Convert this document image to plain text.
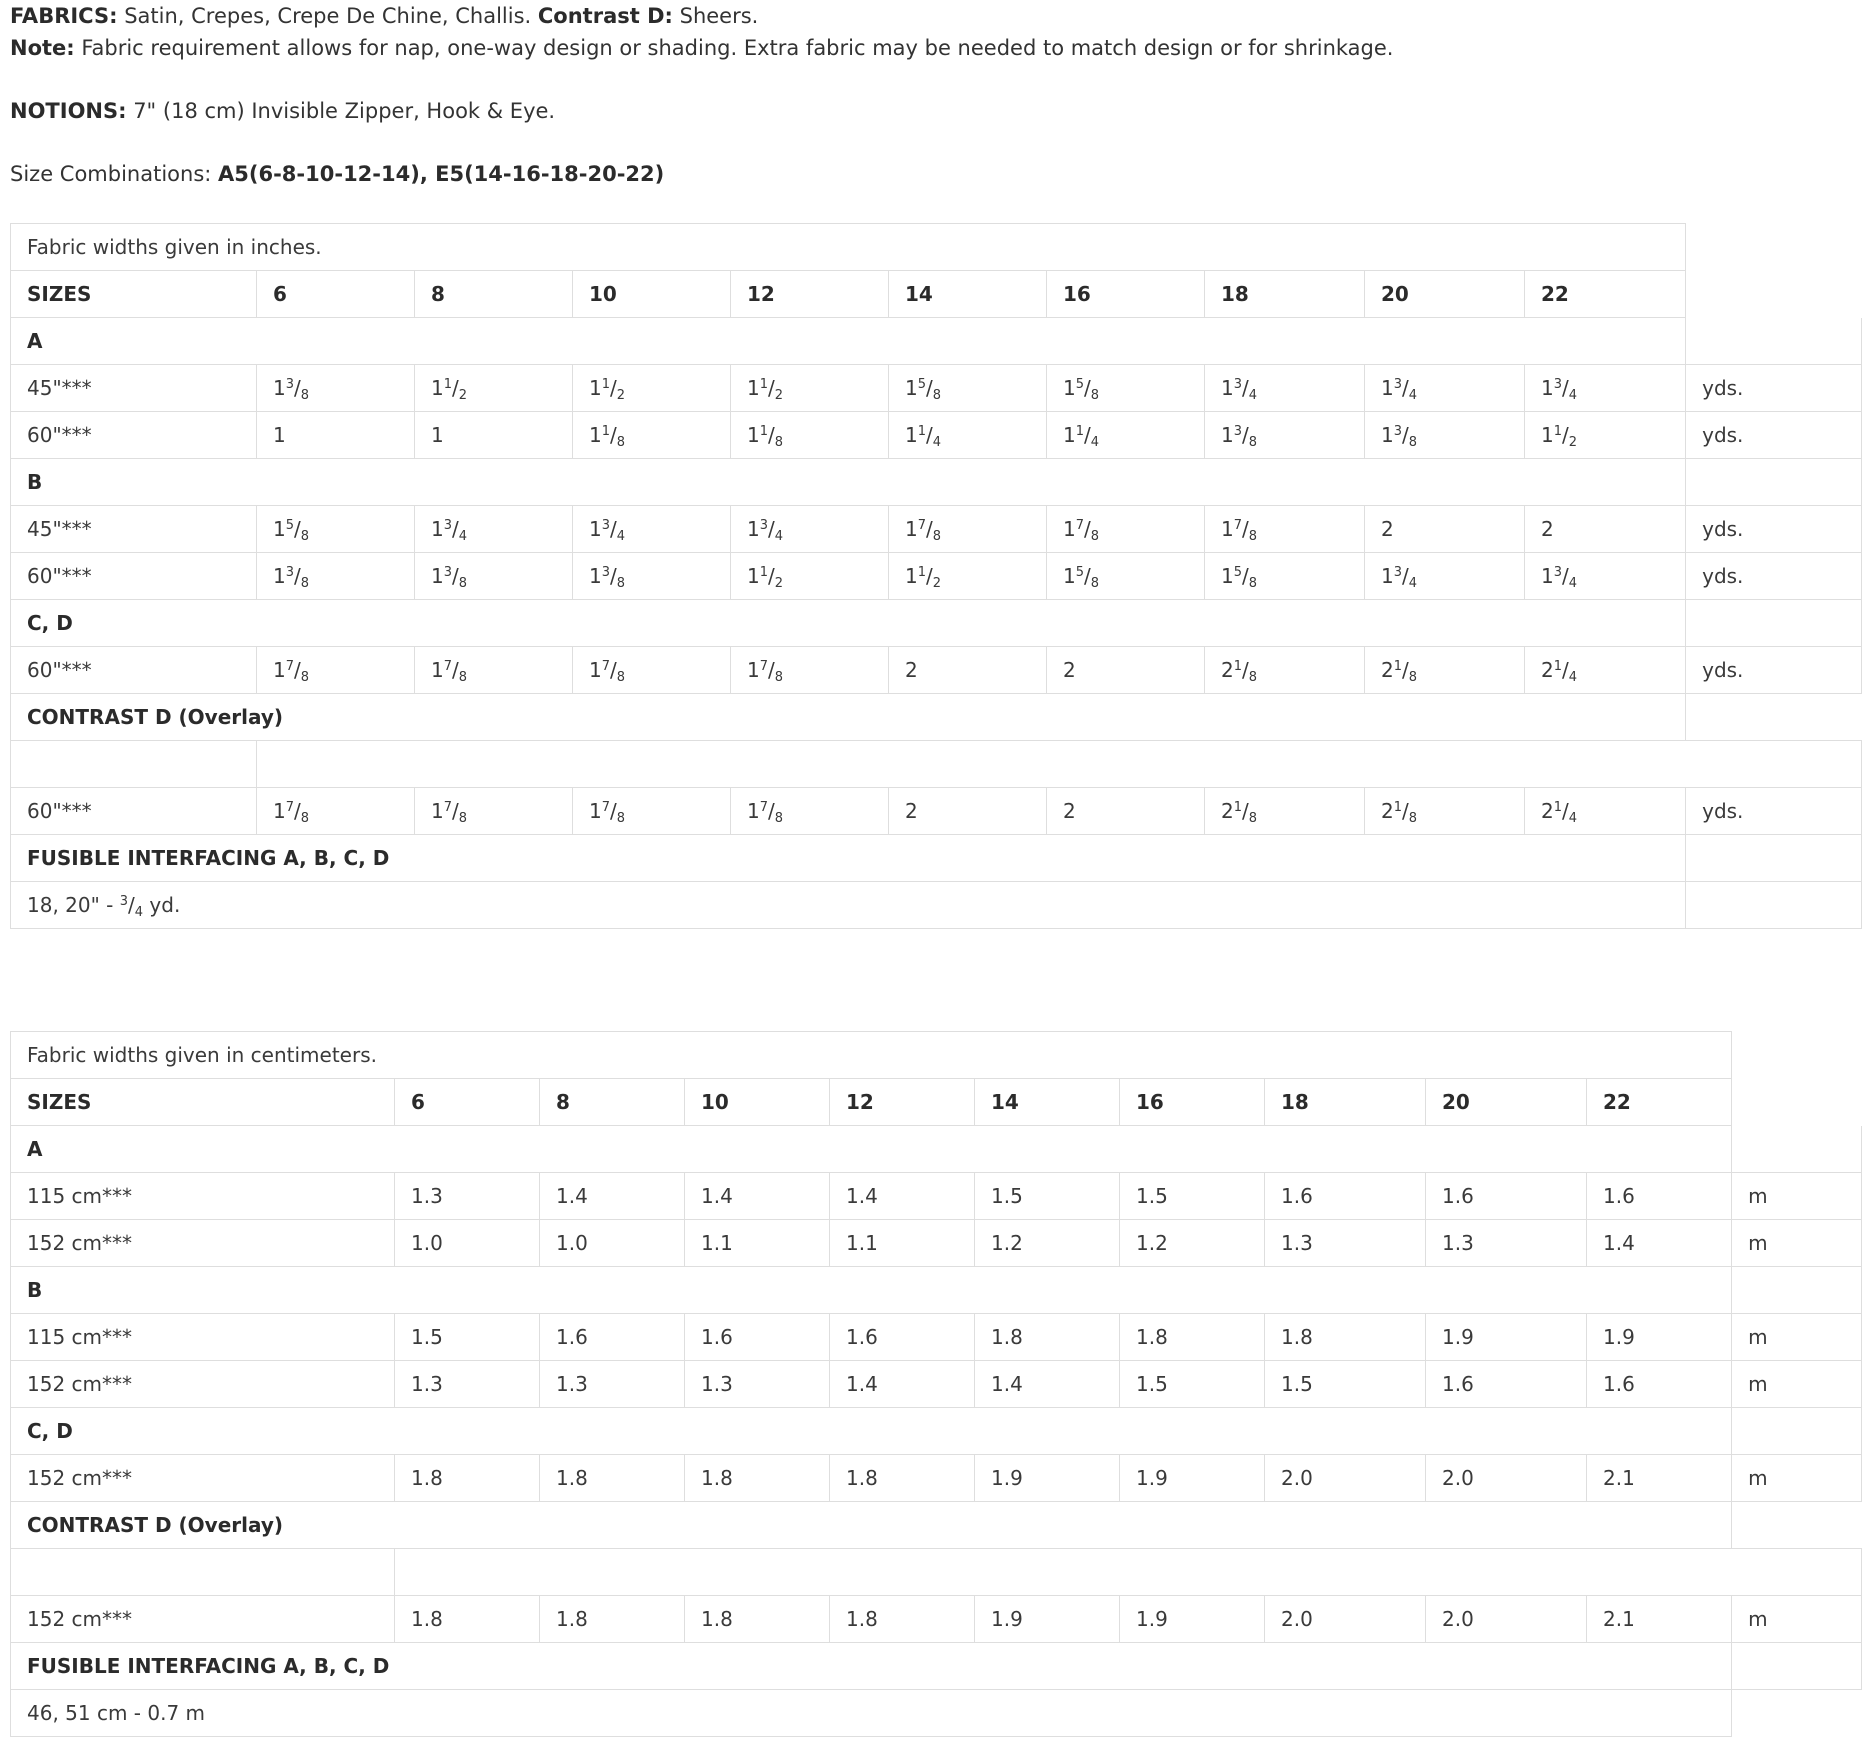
FABRICS: Satin, Crepes, Crepe De Chine, Challis. Contrast D: Sheers.

Note: Fabric requirement allows for nap, one-way design or shading. Extra fabric may be needed to match design or for shrinkage.

NOTIONS: 7" (18 cm) Invisible Zipper, Hook & Eye.

Size Combinations: A5(6-8-10-12-14), E5(14-16-18-20-22)

Fabric widths given in inches.										
SIZES	6	8	10	12	14	16	18	20	22	
A										
45"***	1 $^3/_8$	1 $^1/_2$	1 $^1/_2$	1 $^1/_2$	1 $^5/_8$	1 $^5/_8$	1 $^3/_4$	1 $^3/_4$	1 $^3/_4$	yds.
60"***	1	1	1 $^1/_8$	1 $^1/_8$	1 $^1/_4$	1 $^1/_4$	1 $^3/_8$	1 $^3/_8$	1 $^1/_2$	yds.
B										
45"***	1 $^5/_8$	1 $^3/_4$	1 $^3/_4$	1 $^3/_4$	1 $^7/_8$	1 $^7/_8$	1 $^7/_8$	2	2	yds.
60"***	1 $^3/_8$	1 $^3/_8$	1 $^3/_8$	1 $^1/_2$	1 $^1/_2$	1 $^5/_8$	1 $^5/_8$	1 $^3/_4$	1 $^3/_4$	yds.
C, D										
60"***	1 $^7/_8$	1 $^7/_8$	1 $^7/_8$	1 $^7/_8$	2	2	2 $^1/_8$	2 $^1/_8$	2 $^1/_4$	yds.
CONTRAST D (Overlay)										

60"***	1 $^7/_8$	1 $^7/_8$	1 $^7/_8$	1 $^7/_8$	2	2	2 $^1/_8$	2 $^1/_8$	2 $^1/_4$	yds.
FUSIBLE INTERFACING A, B, C, D										
18, 20" - $^3/_4$ yd.										
Fabric widths given in centimeters.										
SIZES	6	8	10	12	14	16	18	20	22	
A										
115 cm***	1.3	1.4	1.4	1.4	1.5	1.5	1.6	1.6	1.6	m
152 cm***	1.0	1.0	1.1	1.1	1.2	1.2	1.3	1.3	1.4	m
B										
115 cm***	1.5	1.6	1.6	1.6	1.8	1.8	1.8	1.9	1.9	m
152 cm***	1.3	1.3	1.3	1.4	1.4	1.5	1.5	1.6	1.6	m
C, D										
152 cm***	1.8	1.8	1.8	1.8	1.9	1.9	2.0	2.0	2.1	m
CONTRAST D (Overlay)										

152 cm***	1.8	1.8	1.8	1.8	1.9	1.9	2.0	2.0	2.1	m
FUSIBLE INTERFACING A, B, C, D										
46, 51 cm - 0.7 m										
